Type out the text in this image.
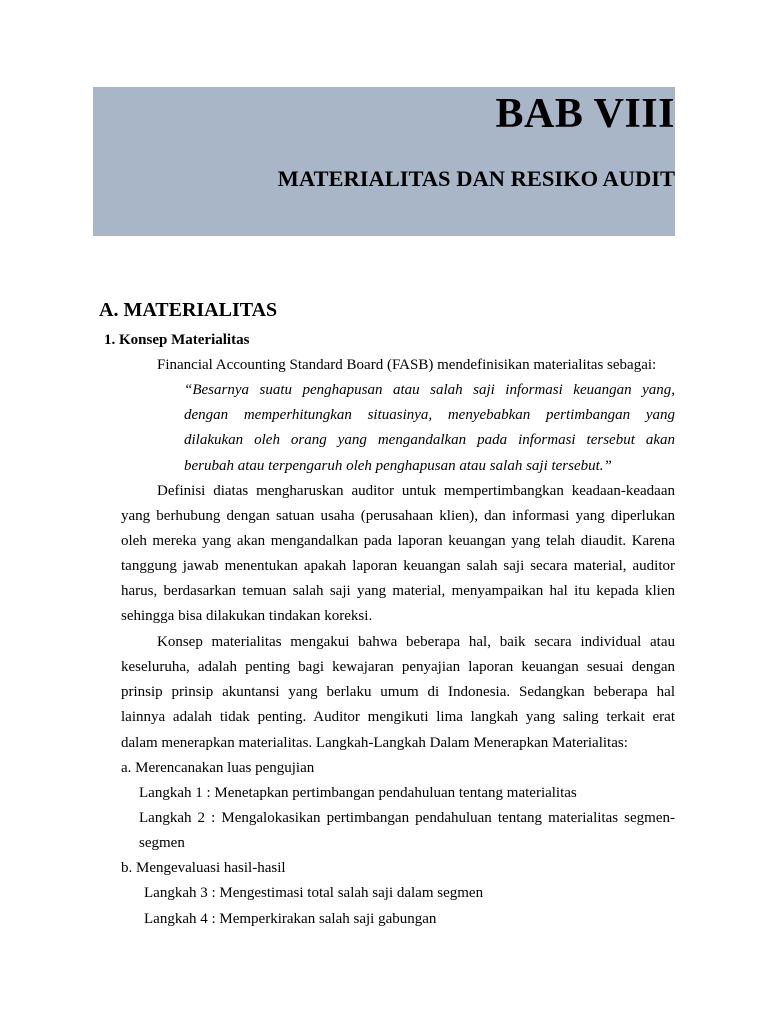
BAB VIII
MATERIALITAS DAN RESIKO AUDIT
A. MATERIALITAS
1. Konsep Materialitas
Financial Accounting Standard Board (FASB) mendefinisikan materialitas sebagai:
“Besarnya suatu penghapusan atau salah saji informasi keuangan yang,
dengan memperhitungkan situasinya, menyebabkan pertimbangan yang
dilakukan oleh orang yang mengandalkan pada informasi tersebut akan
berubah atau terpengaruh oleh penghapusan atau salah saji tersebut.”
Definisi diatas mengharuskan auditor untuk mempertimbangkan keadaan-keadaan
yang berhubung dengan satuan usaha (perusahaan klien), dan informasi yang diperlukan
oleh mereka yang akan mengandalkan pada laporan keuangan yang telah diaudit. Karena
tanggung jawab menentukan apakah laporan keuangan salah saji secara material, auditor
harus, berdasarkan temuan salah saji yang material, menyampaikan hal itu kepada klien
sehingga bisa dilakukan tindakan koreksi.
Konsep materialitas mengakui bahwa beberapa hal, baik secara individual atau
keseluruha, adalah penting bagi kewajaran penyajian laporan keuangan sesuai dengan
prinsip prinsip akuntansi yang berlaku umum di Indonesia. Sedangkan beberapa hal
lainnya adalah tidak penting. Auditor mengikuti lima langkah yang saling terkait erat
dalam menerapkan materialitas. Langkah-Langkah Dalam Menerapkan Materialitas:
a. Merencanakan luas pengujian
Langkah 1 : Menetapkan pertimbangan pendahuluan tentang materialitas
Langkah 2 : Mengalokasikan pertimbangan pendahuluan tentang materialitas segmen-
segmen
b. Mengevaluasi hasil-hasil
Langkah 3 : Mengestimasi total salah saji dalam segmen
Langkah 4 : Memperkirakan salah saji gabungan
